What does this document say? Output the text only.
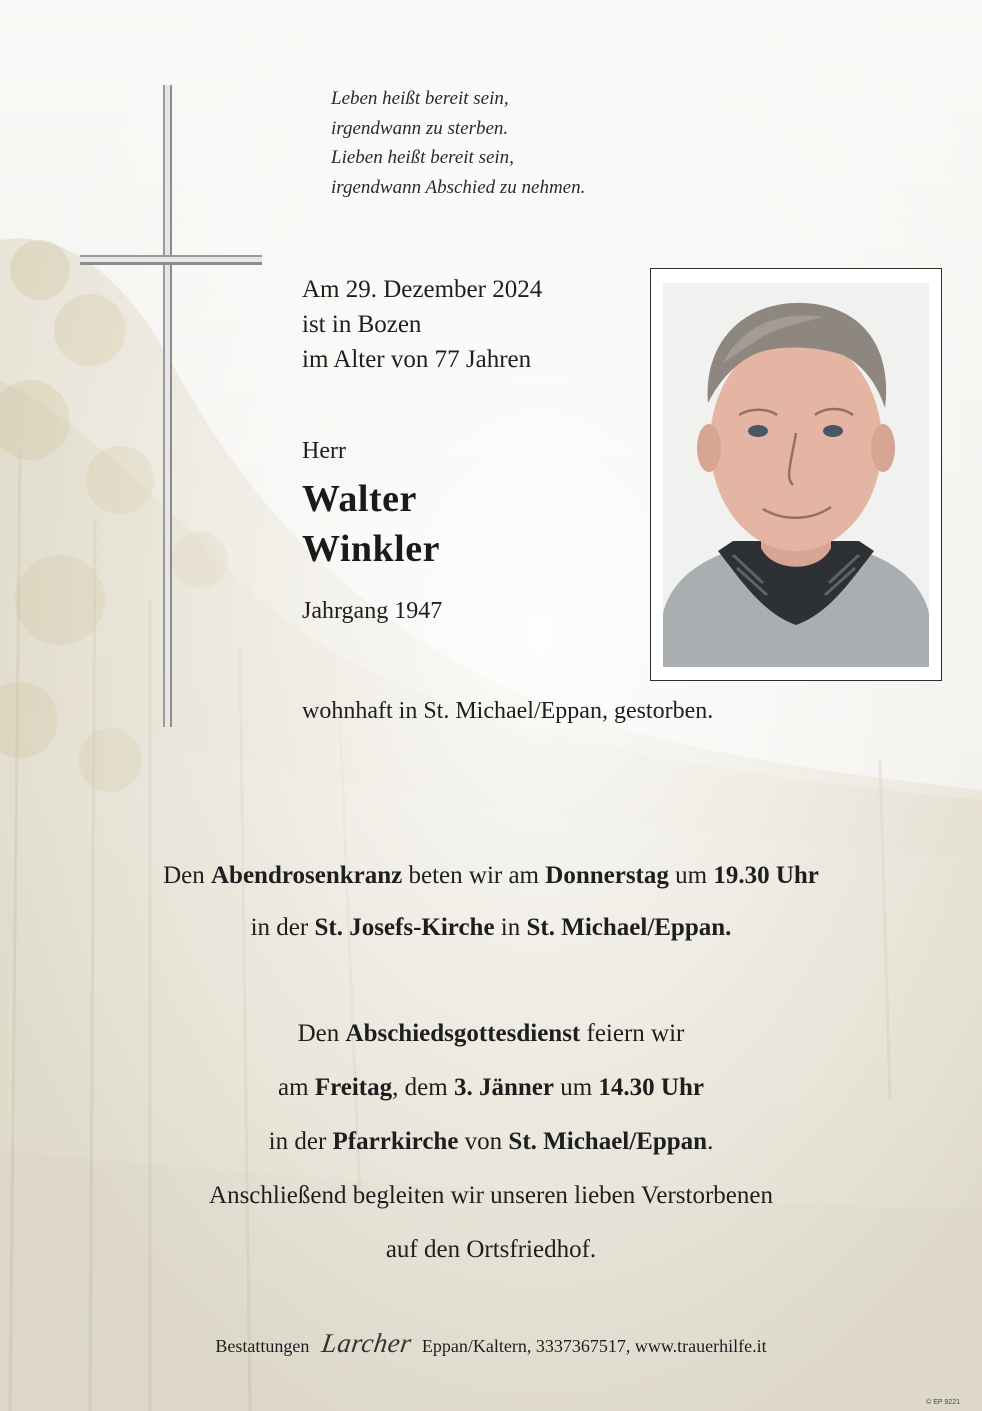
Leben heißt bereit sein,
irgendwann zu sterben.
Lieben heißt bereit sein,
irgendwann Abschied zu nehmen.
Am 29. Dezember 2024
ist in Bozen
im Alter von 77 Jahren
Herr
Walter
Winkler
Jahrgang 1947
wohnhaft in St. Michael/Eppan, gestorben.
Den Abendrosenkranz beten wir am Donnerstag um 19.30 Uhr
in der St. Josefs-Kirche in St. Michael/Eppan.
Den Abschiedsgottesdienst feiern wir
am Freitag, dem 3. Jänner um 14.30 Uhr
in der Pfarrkirche von St. Michael/Eppan.
Anschließend begleiten wir unseren lieben Verstorbenen
auf den Ortsfriedhof.
Bestattungen Larcher Eppan/Kaltern, 3337367517, www.trauerhilfe.it
© EP 9221
